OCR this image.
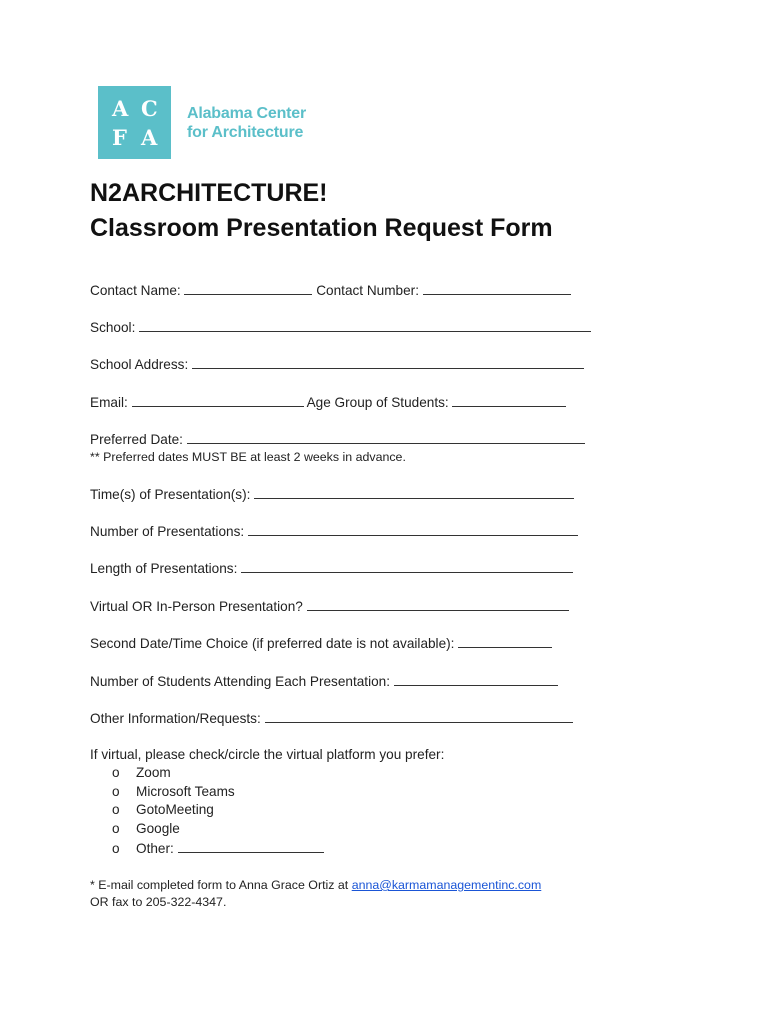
A C
F A
Alabama Center
for Architecture
N2ARCHITECTURE!
Classroom Presentation Request Form
Contact Name:	Contact Number:
School:
School Address:
Email:	Age Group of Students:
Preferred Date:
** Preferred dates MUST BE at least 2 weeks in advance.
Time(s) of Presentation(s):
Number of Presentations:
Length of Presentations:
Virtual OR In-Person Presentation?
Second Date/Time Choice (if preferred date is not available):
Number of Students Attending Each Presentation:
Other Information/Requests:
If virtual, please check/circle the virtual platform you prefer:
o Zoom
o Microsoft Teams
o GotoMeeting
o Google
o Other:
* E-mail completed form to Anna Grace Ortiz at anna@karmamanagementinc.com
OR fax to 205-322-4347.
